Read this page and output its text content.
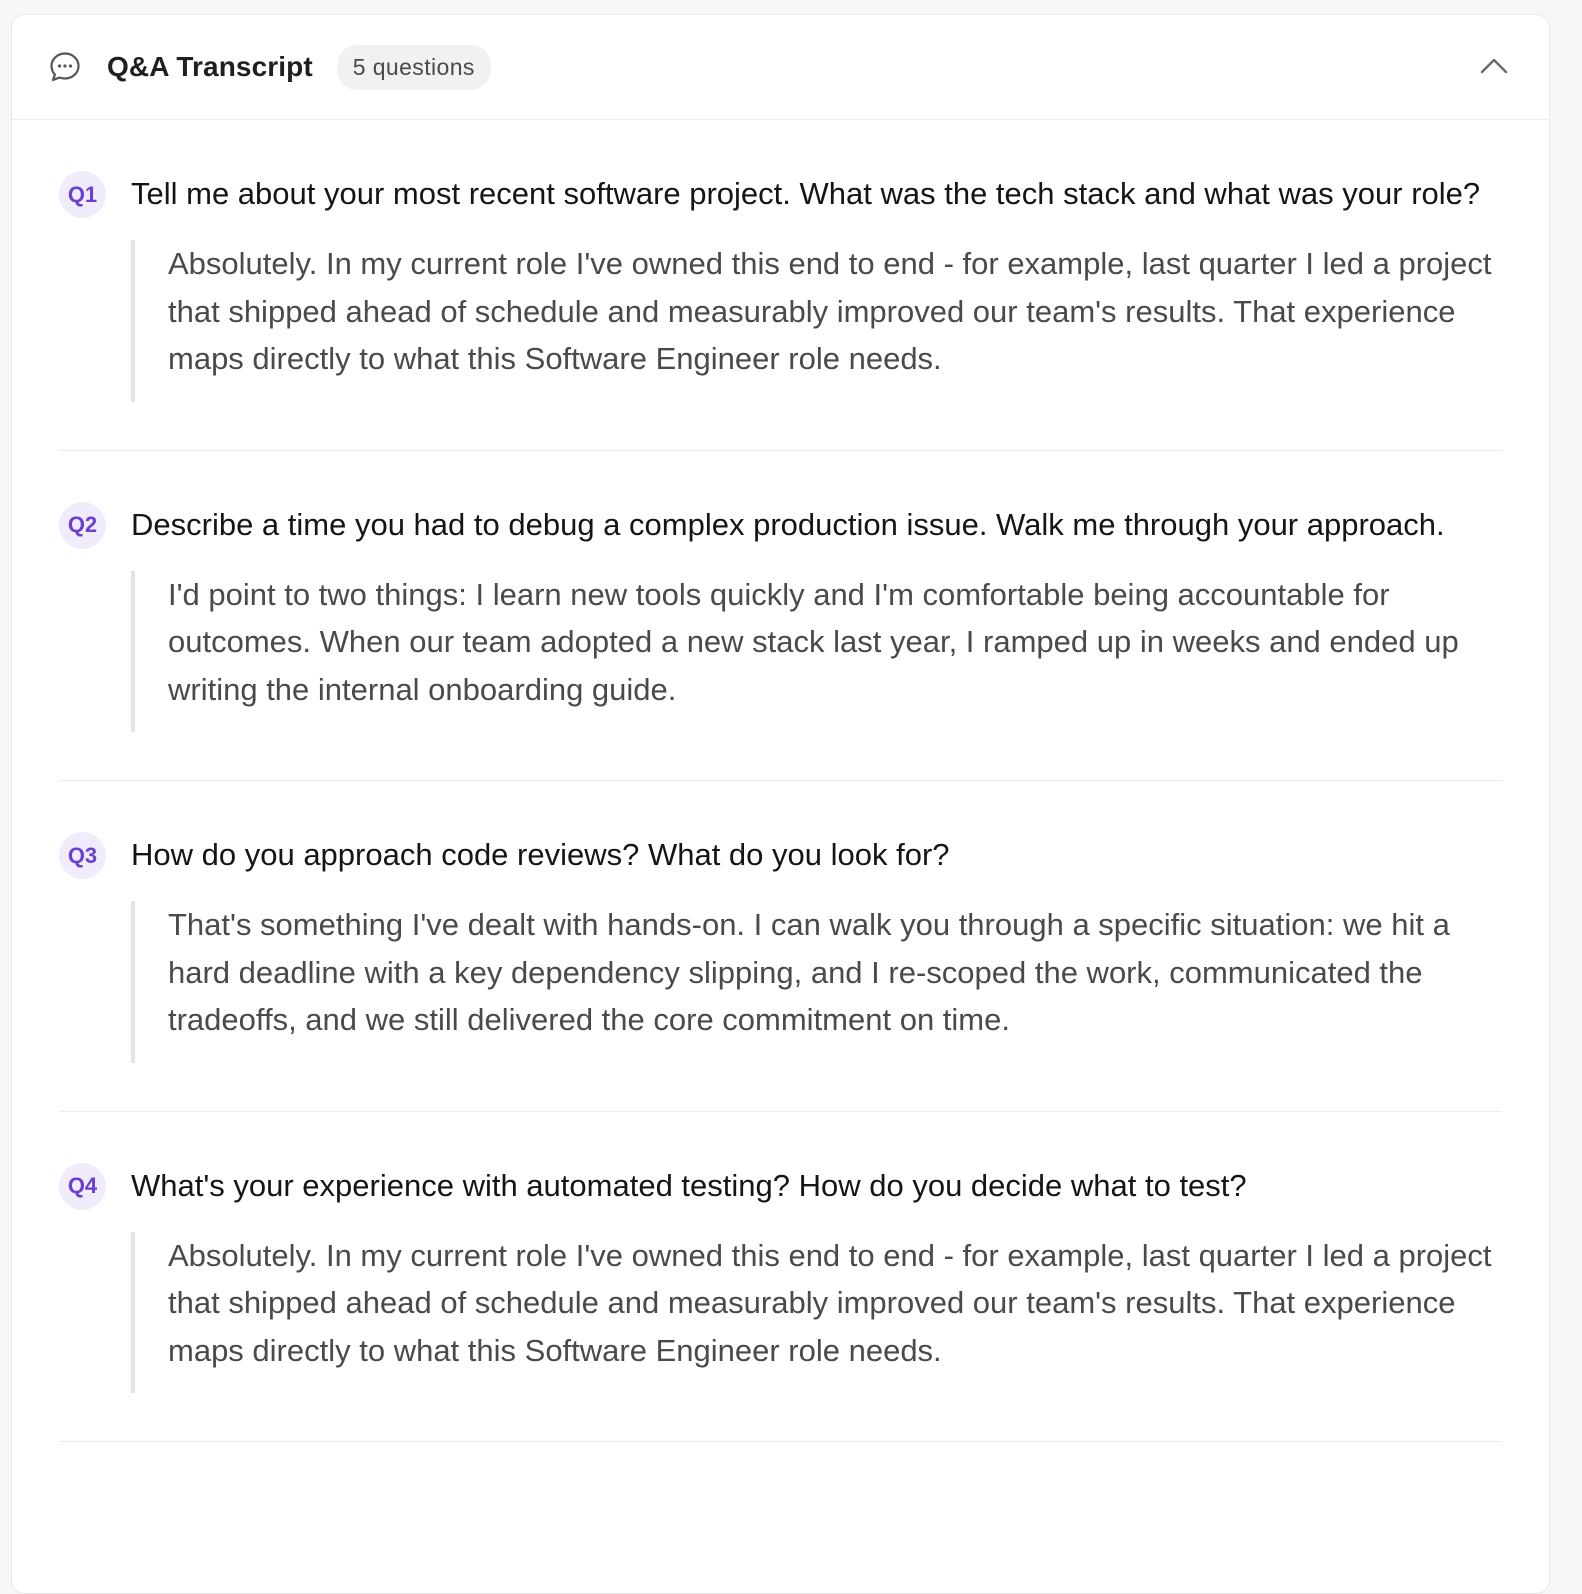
Q&A Transcript	5 questions
Q1 Tell me about your most recent software project. What was the tech stack and what was your role?
Absolutely. In my current role I've owned this end to end - for example, last quarter I led a project that shipped ahead of schedule and measurably improved our team's results. That experience maps directly to what this Software Engineer role needs.
Q2 Describe a time you had to debug a complex production issue. Walk me through your approach.
I'd point to two things: I learn new tools quickly and I'm comfortable being accountable for outcomes. When our team adopted a new stack last year, I ramped up in weeks and ended up writing the internal onboarding guide.
Q3 How do you approach code reviews? What do you look for?
That's something I've dealt with hands-on. I can walk you through a specific situation: we hit a hard deadline with a key dependency slipping, and I re-scoped the work, communicated the tradeoffs, and we still delivered the core commitment on time.
Q4 What's your experience with automated testing? How do you decide what to test?
Absolutely. In my current role I've owned this end to end - for example, last quarter I led a project that shipped ahead of schedule and measurably improved our team's results. That experience maps directly to what this Software Engineer role needs.
